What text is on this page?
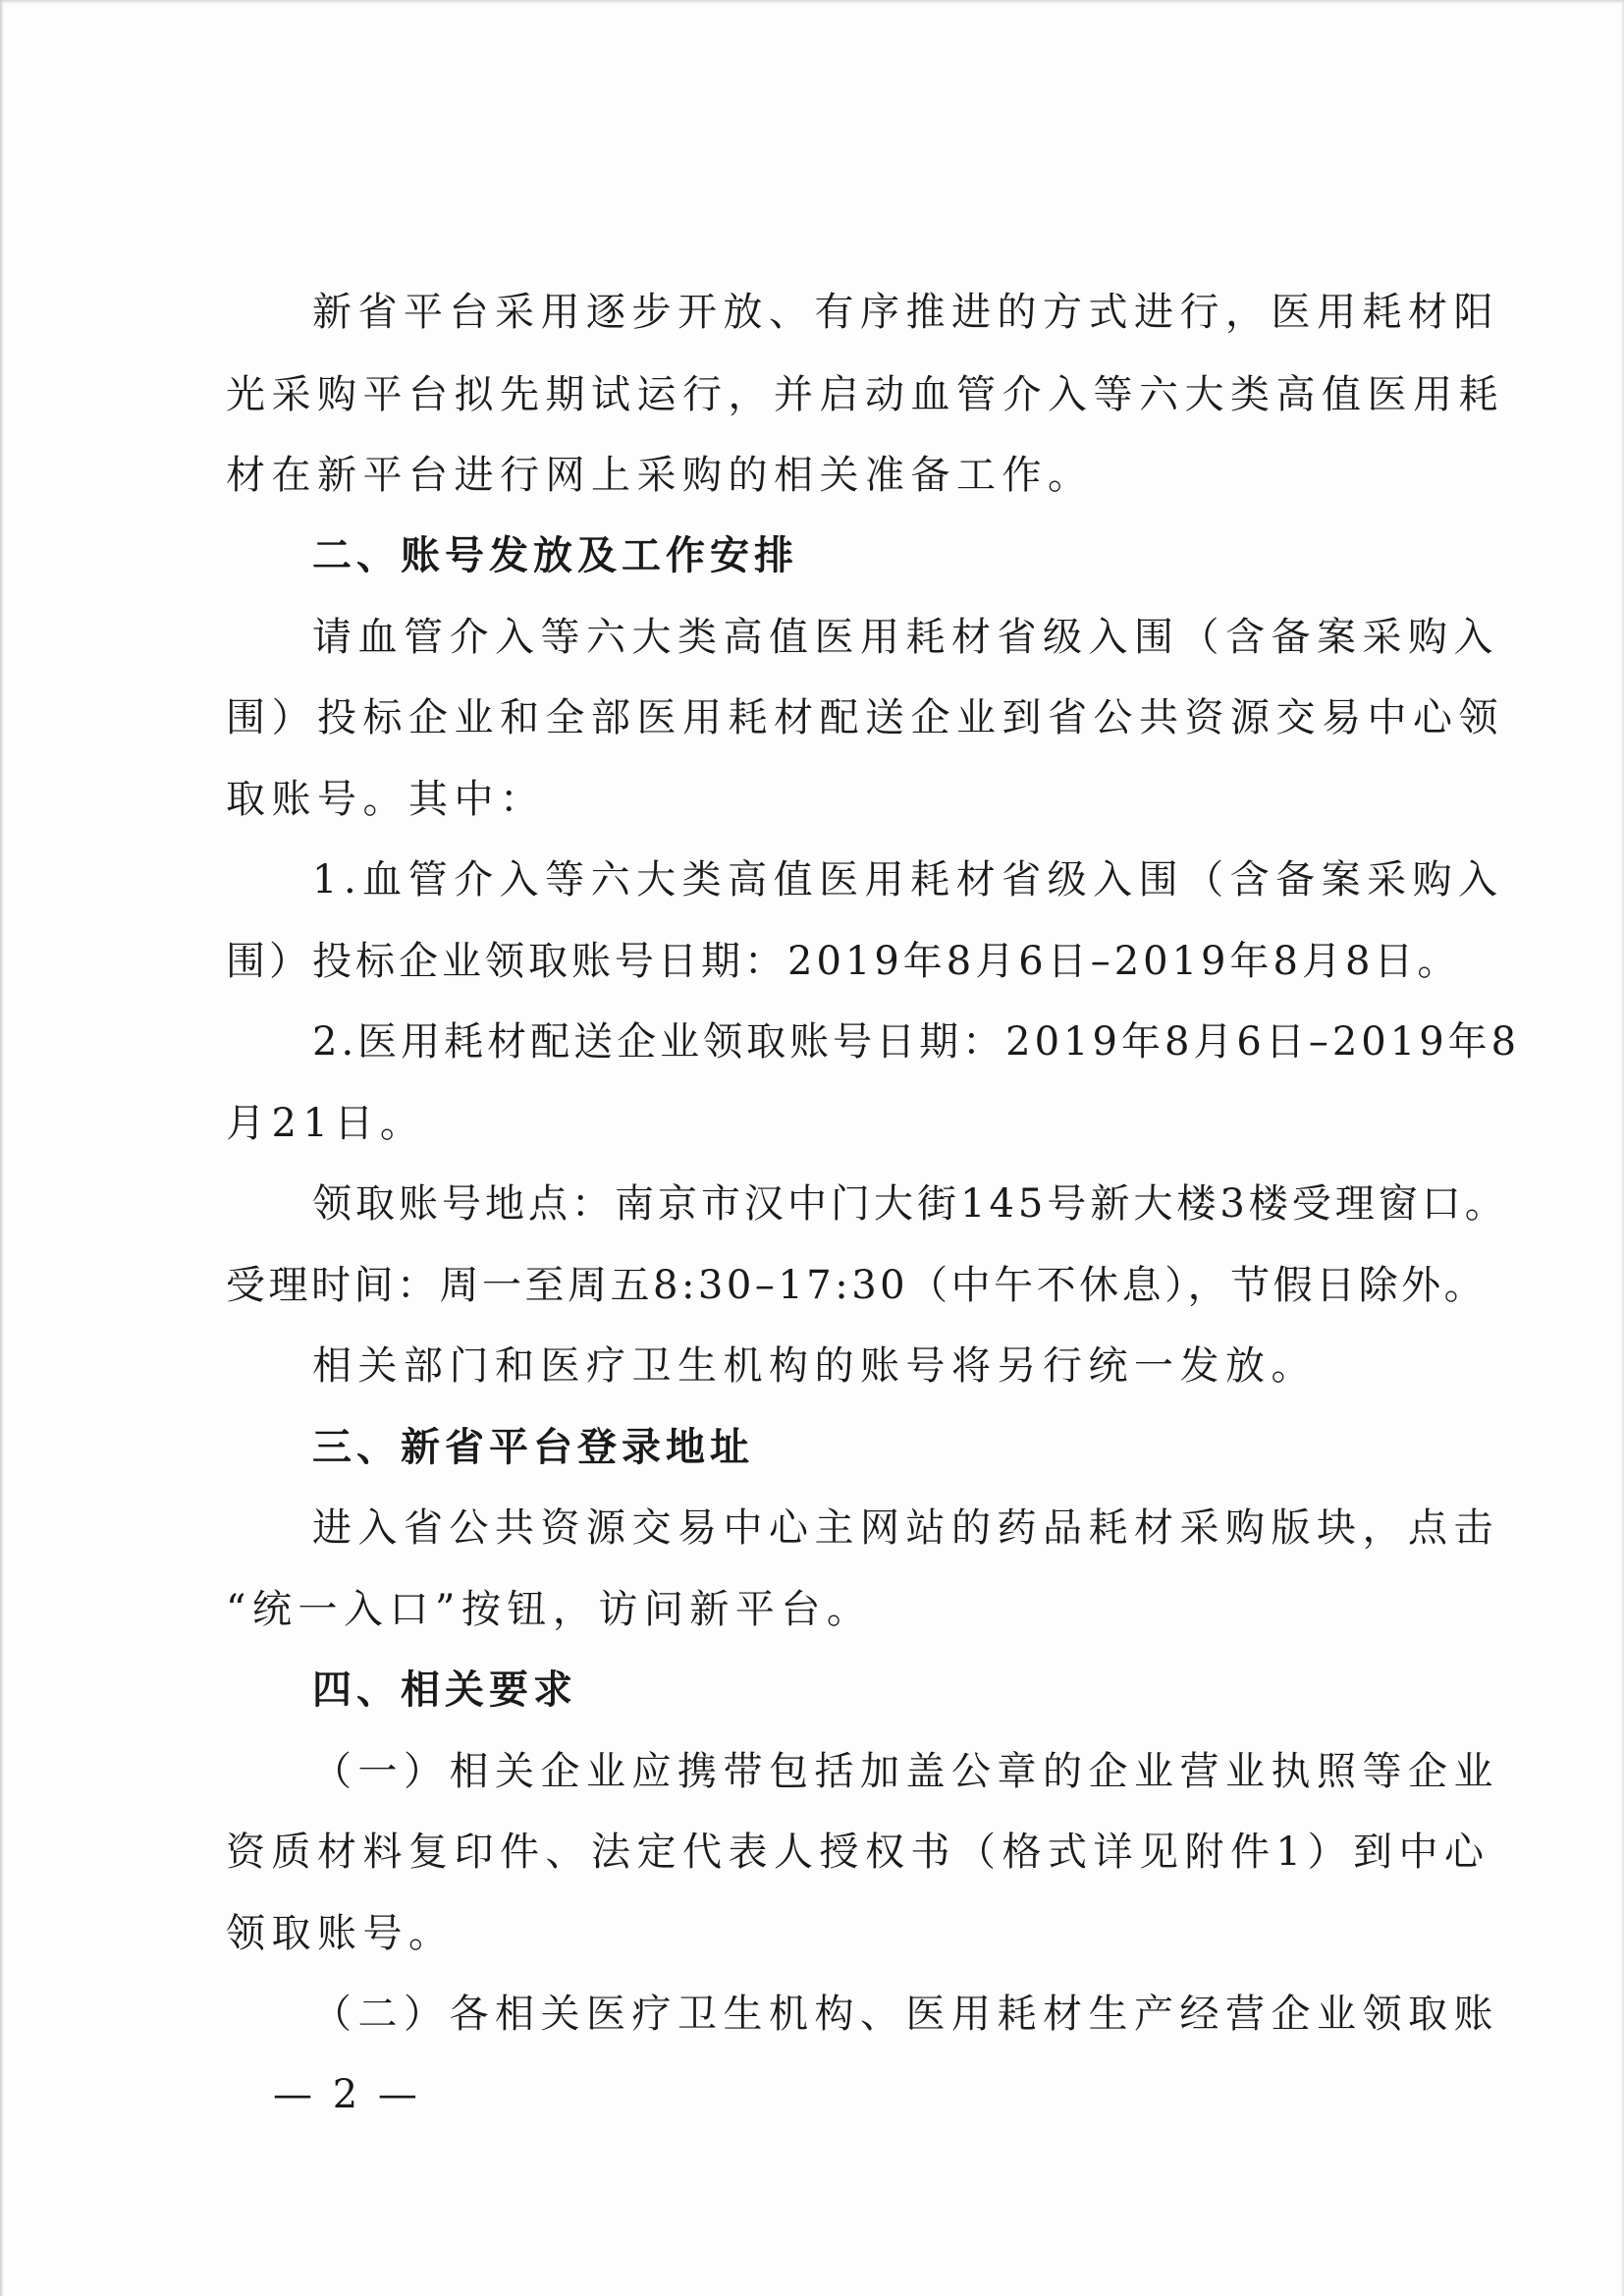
新省平台采用逐步开放、有序推进的方式进行，医用耗材阳
光采购平台拟先期试运行，并启动血管介入等六大类高值医用耗
材在新平台进行网上采购的相关准备工作。
二、账号发放及工作安排
请血管介入等六大类高值医用耗材省级入围（含备案采购入
围）投标企业和全部医用耗材配送企业到省公共资源交易中心领
取账号。其中：
1.血管介入等六大类高值医用耗材省级入围（含备案采购入
围）投标企业领取账号日期：2019年8月6日–2019年8月8日。
2.医用耗材配送企业领取账号日期：2019年8月6日–2019年8
月21日。
领取账号地点：南京市汉中门大街145号新大楼3楼受理窗口。
受理时间：周一至周五8:30–17:30（中午不休息），节假日除外。
相关部门和医疗卫生机构的账号将另行统一发放。
三、新省平台登录地址
进入省公共资源交易中心主网站的药品耗材采购版块，点击
“统一入口”按钮，访问新平台。
四、相关要求
（一）相关企业应携带包括加盖公章的企业营业执照等企业
资质材料复印件、法定代表人授权书（格式详见附件1）到中心
领取账号。
（二）各相关医疗卫生机构、医用耗材生产经营企业领取账
— 2 —
